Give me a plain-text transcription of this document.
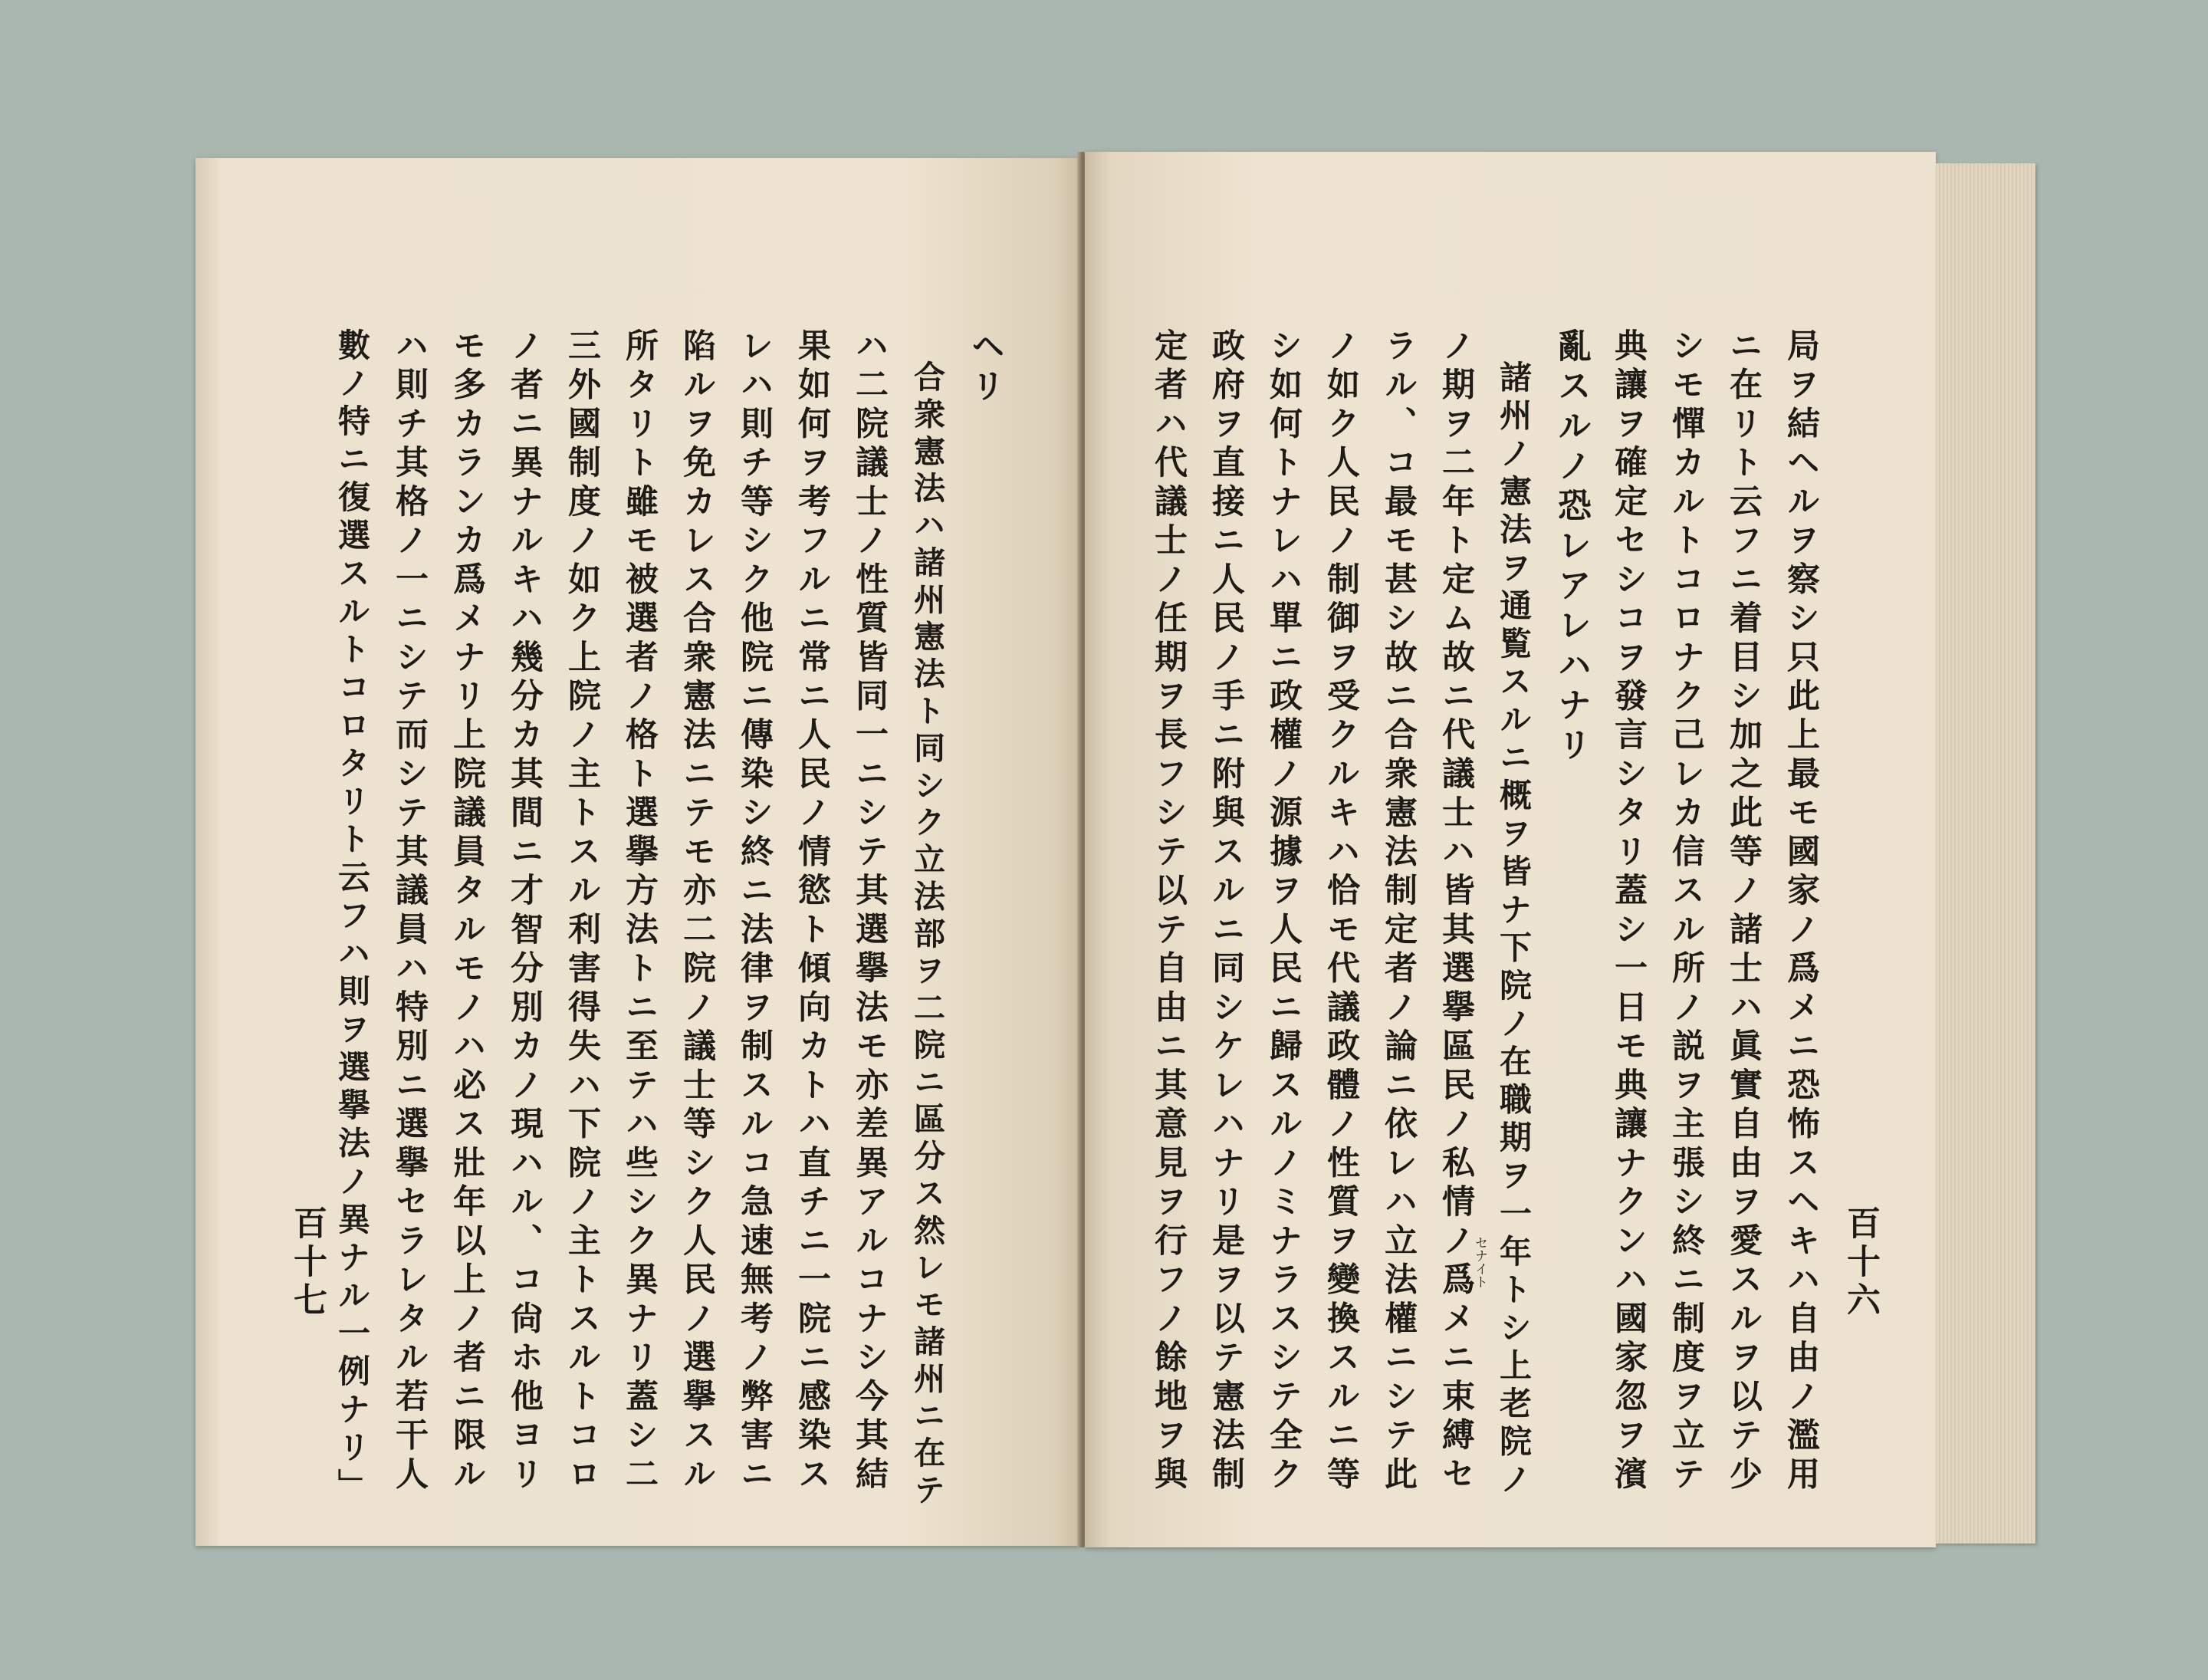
百十六
局ヲ結ヘルヲ察シ只此上最モ國家ノ爲メニ恐怖スヘキハ自由ノ濫用
ニ在リト云フニ着目シ加之此等ノ諸士ハ眞實自由ヲ愛スルヲ以テ少
シモ憚カルトコロナク己レカ信スル所ノ説ヲ主張シ終ニ制度ヲ立テ
典讓ヲ確定セシコヲ發言シタリ蓋シ一日モ典讓ナクンハ國家忽ヲ濱
亂スルノ恐レアレハナリ
諸州ノ憲法ヲ通覧スルニ概ヲ皆ナ下院ノ在職期ヲ一年トシ上老院ノ
セナイト
ノ期ヲ二年ト定ム故ニ代議士ハ皆其選擧區民ノ私情ノ爲メニ束縛セ
ラル、コ最モ甚シ故ニ合衆憲法制定者ノ論ニ依レハ立法權ニシテ此
ノ如ク人民ノ制御ヲ受クルキハ恰モ代議政體ノ性質ヲ變換スルニ等
シ如何トナレハ單ニ政權ノ源據ヲ人民ニ歸スルノミナラスシテ全ク
政府ヲ直接ニ人民ノ手ニ附與スルニ同シケレハナリ是ヲ以テ憲法制
定者ハ代議士ノ任期ヲ長フシテ以テ自由ニ其意見ヲ行フノ餘地ヲ與
ヘリ
合衆憲法ハ諸州憲法ト同シク立法部ヲ二院ニ區分ス然レモ諸州ニ在テ
ハ二院議士ノ性質皆同一ニシテ其選擧法モ亦差異アルコナシ今其結
果如何ヲ考フルニ常ニ人民ノ情慾ト傾向カトハ直チニ一院ニ感染ス
レハ則チ等シク他院ニ傳染シ終ニ法律ヲ制スルコ急速無考ノ弊害ニ
陷ルヲ免カレス合衆憲法ニテモ亦二院ノ議士等シク人民ノ選擧スル
所タリト雖モ被選者ノ格ト選擧方法トニ至テハ些シク異ナリ蓋シ二
三外國制度ノ如ク上院ノ主トスル利害得失ハ下院ノ主トスルトコロ
ノ者ニ異ナルキハ幾分カ其間ニ才智分別カノ現ハル、コ尙ホ他ヨリ
モ多カランカ爲メナリ上院議員タルモノハ必ス壯年以上ノ者ニ限ル
ハ則チ其格ノ一ニシテ而シテ其議員ハ特別ニ選擧セラレタル若干人
數ノ特ニ復選スルトコロタリト云フハ則ヲ選擧法ノ異ナル一例ナリ」
百十七
